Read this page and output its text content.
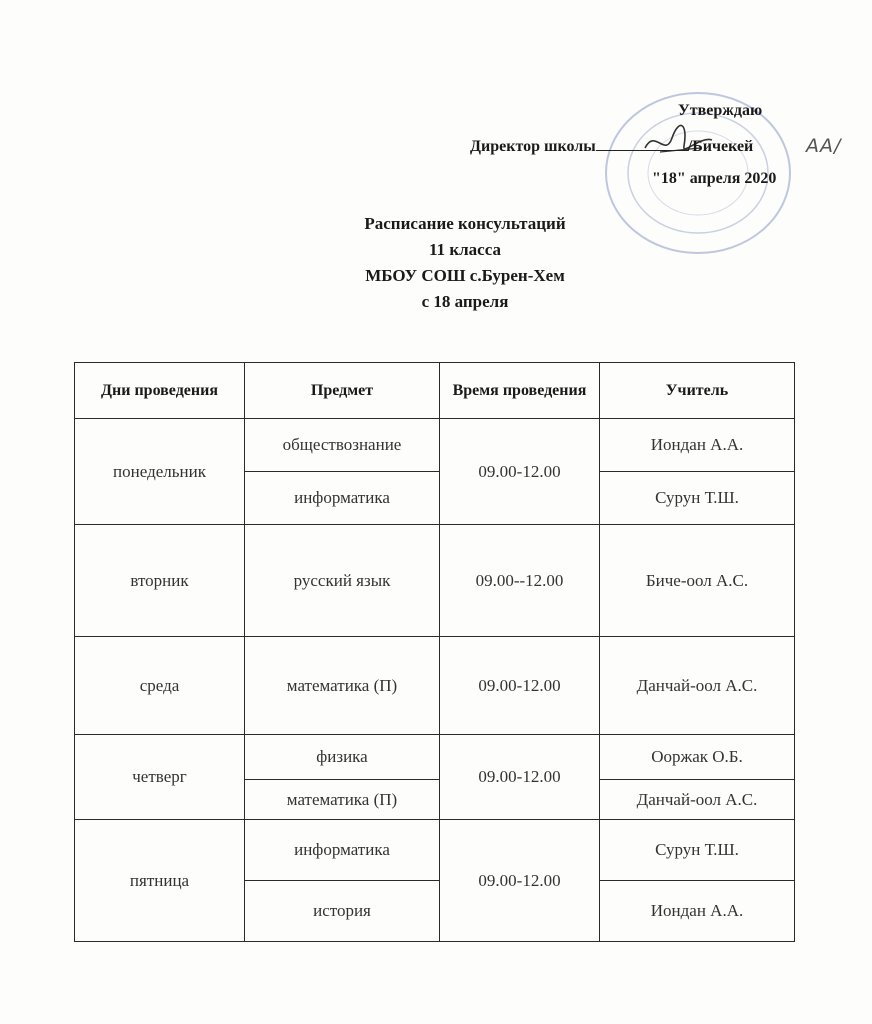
Утверждаю
Директор школы	/Бичекей	АА/
"18" апреля 2020
Расписание консультаций
11 класса
МБОУ СОШ с.Бурен-Хем
с 18 апреля
Дни проведения	Предмет	Время проведения	Учитель
понедельник	обществознание	09.00-12.00	Иондан А.А.
	информатика		Сурун Т.Ш.
вторник	русский язык	09.00--12.00	Биче-оол А.С.
среда	математика (П)	09.00-12.00	Данчай-оол А.С.
четверг	физика	09.00-12.00	Ооржак О.Б.
	математика (П)		Данчай-оол А.С.
пятница	информатика	09.00-12.00	Сурун Т.Ш.
	история		Иондан А.А.
